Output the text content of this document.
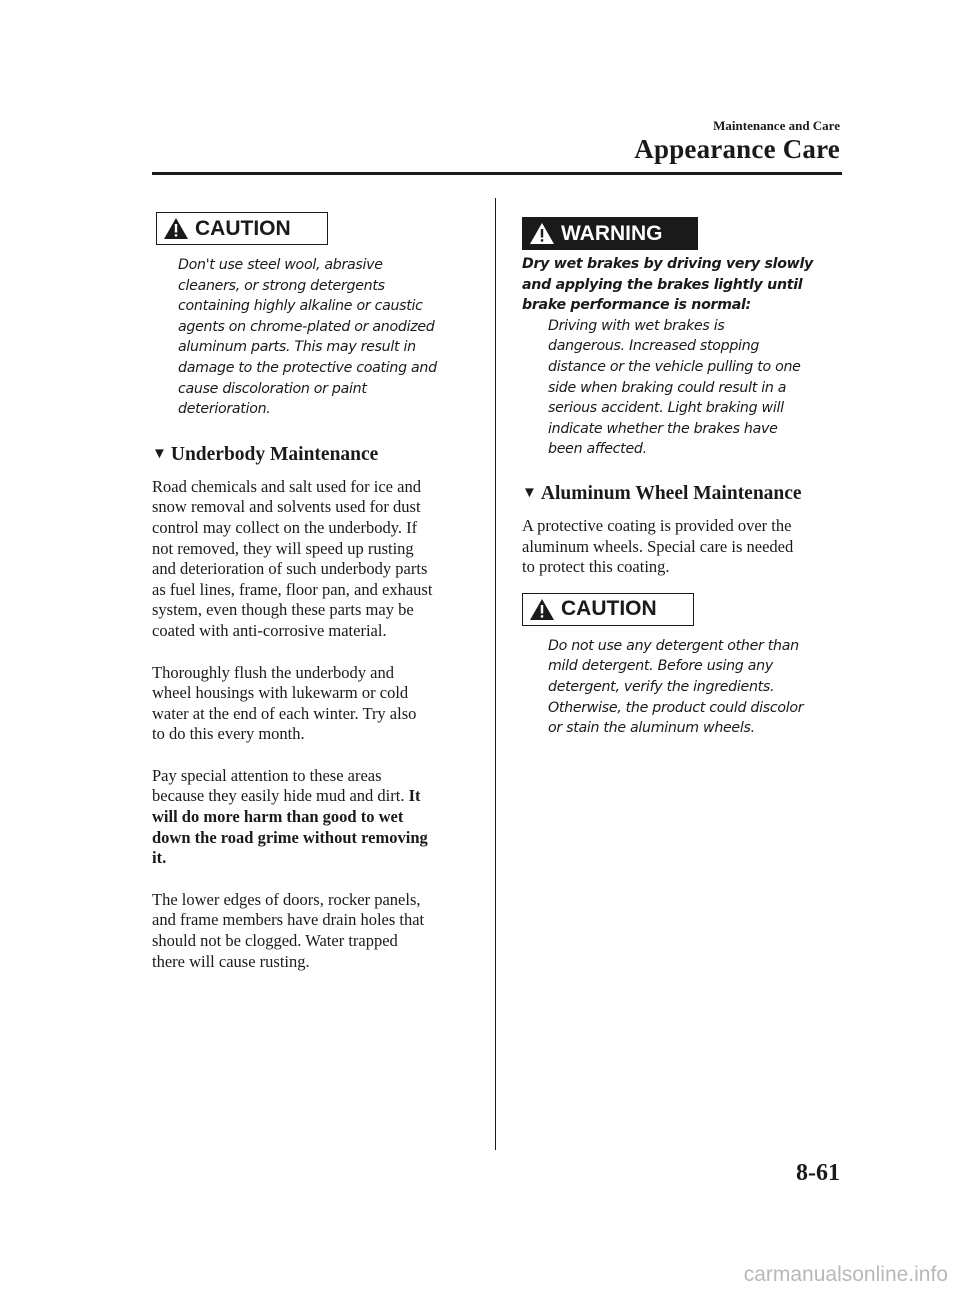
Maintenance and Care
Appearance Care
CAUTION
Don't use steel wool, abrasive
cleaners, or strong detergents
containing highly alkaline or caustic
agents on chrome-plated or anodized
aluminum parts. This may result in
damage to the protective coating and
cause discoloration or paint
deterioration.
▼ Underbody Maintenance

Road chemicals and salt used for ice and
snow removal and solvents used for dust
control may collect on the underbody. If
not removed, they will speed up rusting
and deterioration of such underbody parts
as fuel lines, frame, floor pan, and exhaust
system, even though these parts may be
coated with anti-corrosive material.

Thoroughly flush the underbody and
wheel housings with lukewarm or cold
water at the end of each winter. Try also
to do this every month.

Pay special attention to these areas
because they easily hide mud and dirt. It
will do more harm than good to wet
down the road grime without removing
it.

The lower edges of doors, rocker panels,
and frame members have drain holes that
should not be clogged. Water trapped
there will cause rusting.

WARNING
Dry wet brakes by driving very slowly
and applying the brakes lightly until
brake performance is normal:
Driving with wet brakes is
dangerous. Increased stopping
distance or the vehicle pulling to one
side when braking could result in a
serious accident. Light braking will
indicate whether the brakes have
been affected.
▼ Aluminum Wheel Maintenance

A protective coating is provided over the
aluminum wheels. Special care is needed
to protect this coating.

CAUTION
Do not use any detergent other than
mild detergent. Before using any
detergent, verify the ingredients.
Otherwise, the product could discolor
or stain the aluminum wheels.
8-61
carmanualsonline.info
